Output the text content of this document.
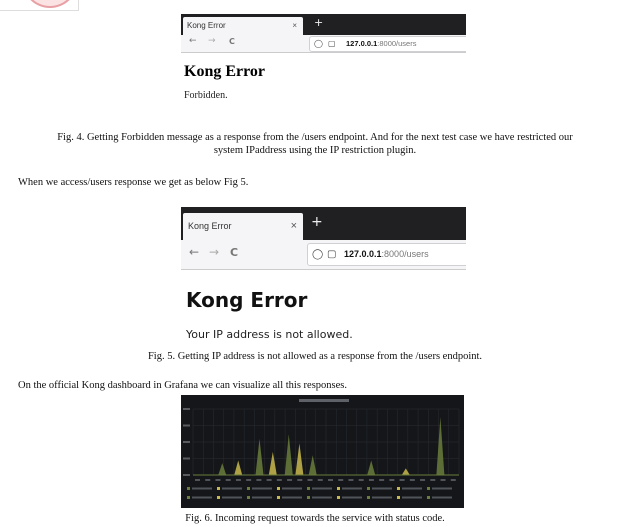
Kong Error	× +
← → C	◯ ▢ 127.0.0.1:8000/users
Kong Error
Forbidden.
Fig. 4. Getting Forbidden message as a response from the /users endpoint. And for the next test case we have restricted our
system IPaddress using the IP restriction plugin.
When we access/users response we get as below Fig 5.
Kong Error	× +
← → C	◯ ▢ 127.0.0.1:8000/users
Kong Error
Your IP address is not allowed.
Fig. 5. Getting IP address is not allowed as a response from the /users endpoint.
On the official Kong dashboard in Grafana we can visualize all this responses.
Fig. 6. Incoming request towards the service with status code.
